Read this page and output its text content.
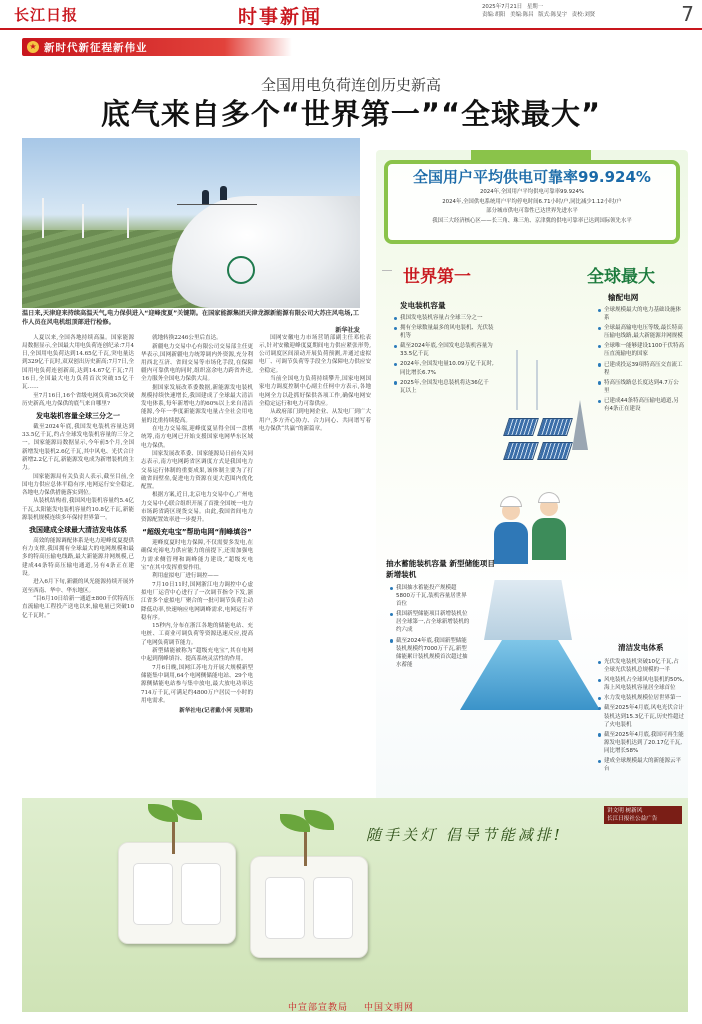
长江日报	时事新闻	2025年7月21日 星期一
责编:胡阳 美编:陈昌 版式:陈旻宇 责校:刘贤	7
★ 新时代新征程新伟业
全国用电负荷连创历史新高
底气来自多个“世界第一”“全球最大”
温日来,天津迎来持续高温天气,电力保供进入“迎峰度夏”关键期。在国家能源集团天津龙源新能源有限公司大苏庄风电场,工作人员在风电机组顶部进行检修。
新华社发

人夏以来,全国各地持续高温。国家能源局数据显示,全国最大用电负荷连创纪录:7月4日,全国用电负荷达到14.65亿千瓦,突电量达到329亿千瓦时,双双创出历史新高;7月7日,全国用电负荷连创新高,达到14.67亿千瓦;7月16日,全国最大电力负荷首次突破15亿千瓦……

至7月16日,16个省级电网负荷36次突破历史新高,电力保供的底气来自哪里?

发电装机容量全球三分之一

截至2024年底,我国发电装机容量达到33.5亿千瓦,约占全球发电装机容量的三分之一。国家能源局数据显示,今年前5个月,全国新增发电装机2.6亿千瓦,其中风电、光伏合计新增2.2亿千瓦,新能源发电成为新增装机的主力。

国家能源局有关负责人表示,截至目前,全国电力供应总体平稳有序,电网运行安全稳定,各地电力保供措施落实到位。

从装机结构看,我国风电装机容量约5.4亿千瓦,太阳能发电装机容量约10.8亿千瓦,新能源装机规模连续多年保持世界第一。

我国建成全球最大清洁发电体系

高效的能源调配体系是电力迎峰度夏提供有力支撑,我国拥有全球最大的电网规模和最多的特高压输电线路,最大新能源并网规模,已建成44条特高压输电通道,另有4条正在建设。

进入6月下旬,新疆的风光能源持续开展外送至西南、华中、华东地区。

“目6月10日给新一通道±800千伏特高压直流输电工程投产送电以来,输电量已突破10亿千瓦时。”

就地转换2246公里后直达。

新疆电力交易中心有限公司交易部主任更华表示,国网新疆电力统筹调内外资源,充分利用西北互济、省间交易等市场化手段,在保障疆内可靠供电的同时,组织富余电力跨省外送,全力服务全国电力保供大局。

据国家发展改革委数据,新能源发电装机规模持续快速增长,我国建成了全球最大清洁发电体系,每年新增电力的60%以上来自清洁能源,今年一季度新能源发电量占全社会用电量的比重持续提高。

在电力交易端,迎峰度夏显得全国一盘棋统筹,南方电网已开始支援国家电网华东区域电力保供。

国家发展改革委、国家能源局日前有关同志表示,南方电网跨省区调度方式是我国电力交易运行体制的重要成果,该体制主要为了打破省间壁垒,促进电力资源在更大范围内优化配置。

根据方案,近日,北京电力交易中心,广州电力交易中心联合组织开展了首批全国统一电力市场跨省跨区现货交易。由此,我国省间电力资源配置效率进一步提升。

“超级充电宝”帮助电网“削峰填谷”

迎峰度夏时电力保障,不仅需要多发电,在确保充裕电力供应能力的前提下,还需加强电力需求侧管理和调峰能力建设,“超级充电宝”在其中发挥重要作用。

利用虚拟电厂进行调控——

7月10日11时,国网浙江电力调控中心虚拟电厂运营中心进行了一次调节指令下发,浙江省多个虚拟电厂聚合的一批可调节负荷主动降低功率,快速响应电网调峰需求,电网运行平稳有序。

15秒内,分布在浙江各地的储能电站、充电桩、工商业可调负荷等资源迅速反应,提高了电网负荷调节能力。

新型储能被称为“超级充电宝”,其在电网中起到削峰填谷、提高系统灵活性的作用。

7月6日晚,国网江苏电力开展大规模新型储能集中调用,64个电网侧储能电站、29个电源侧储能电站参与集中放电,最大放电功率达714万千瓦,可满足约4800万户居民一小时的用电需求。

新华社电(记者戴小河 吴慧珺)

国网安徽电力市场营销部副主任邓松表示,针对安徽迎峰度夏期间电力供应紧张形势,公司调度区间滚动开展负荷预测,并通过虚拟电厂、可调节负荷等手段全力保障电力供应安全稳定。

当前全国电力负荷持续攀升,国家电网国家电力调度控制中心副主任柯中方表示,各地电网全力以赴抓好保供各项工作,确保电网安全稳定运行和电力可靠供应。

从政府部门到电网企业、从发电厂到广大用户,多方齐心协力、合力同心、共同谱写着电力保供“共赢”的新篇章。

全国用户平均供电可靠率99.924%
2024年,全国用户平均供电可靠率99.924%
2024年,全国供电系统用户平均停电时间6.71小时/户,同比减少1.12小时/户
部分城市供电可靠性已达世界先进水平
我国三大经济核心区——长三角、珠三角、京津冀的供电可靠率已达到国际领先水平
世界第一	全球最大
发电装机容量
我国发电装机容量占全球三分之一
拥有全球数量最多的风电装机、光伏装机等
截至2024年底,全国发电总装机容量为33.5亿千瓦
2024年,全国发电量10.09万亿千瓦时,同比增长6.7%
2025年,全国发电总装机将达36亿千瓦以上
输配电网
全球规模最大的电力基础设施体系
全球最高输电电压等级,最长特高压输电线路,最大新能源并网规模
全球唯一能够建设1100千伏特高压直流输电的国家
已建成投运39项特高压交直流工程
特高压线路总长度达到4.7万公里
已建成44条特高压输电通道,另有4条正在建设
抽水蓄能装机容量 新型储能项目新增装机
我国抽水蓄能投产规模超5800万千瓦,装机容量居世界首位
我国新型储能项目新增装机位居全球第一,占全球新增装机的约六成
截至2024年底,我国新型储能装机规模约7000万千瓦,新型储能累计装机规模首次超过抽水蓄能
清洁发电体系
光伏发电装机突破10亿千瓦,占全球光伏装机总规模的一半
风电装机占全球风电装机的50%,海上风电装机容量居全球首位
水力发电装机规模位居世界第一
截至2025年4月底,风电光伏合计装机达到15.3亿千瓦,历史性超过了火电装机
截至2025年4月底,我国可再生能源发电装机达到了20.17亿千瓦,同比增长58%
建成全球规模最大的新能源云平台
讲文明 树新风
长江日报社公益广告
随手关灯 倡导节能减排!
中宣部宣教局 中国文明网
